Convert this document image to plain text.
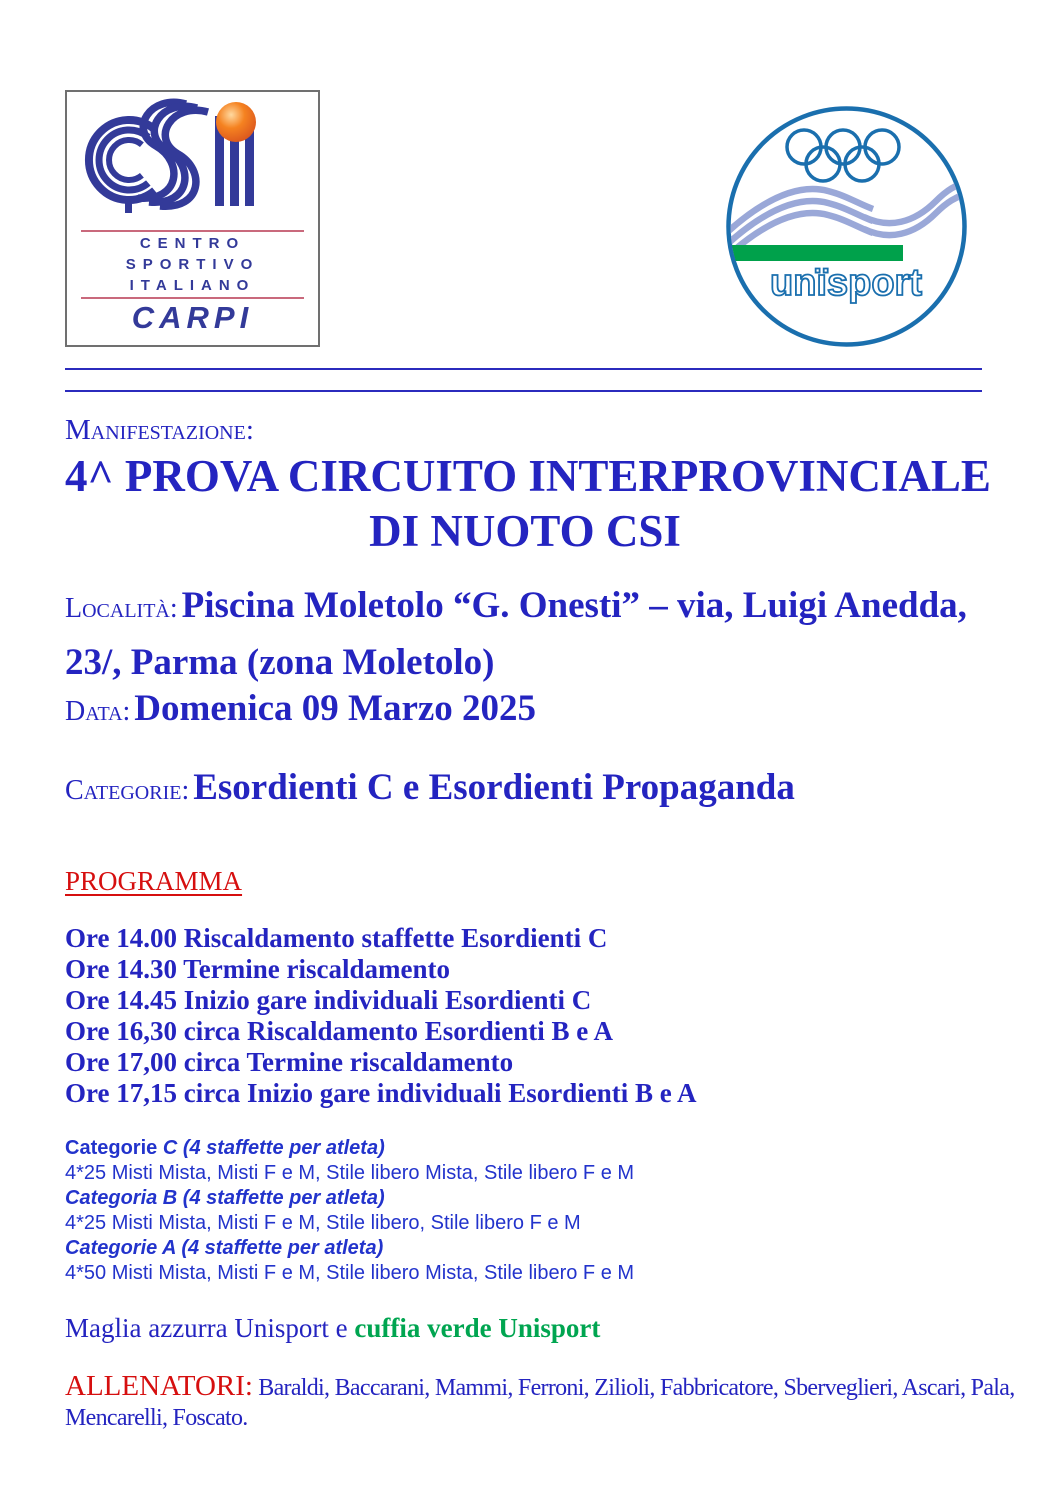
CENTRO
SPORTIVO
ITALIANO
CARPI
unïsport
Manifestazione:
4^ PROVA CIRCUITO INTERPROVINCIALE
DI NUOTO CSI
Località: Piscina Moletolo “G. Onesti” – via, Luigi Anedda, 23/, Parma (zona Moletolo)
Data: Domenica 09 Marzo 2025
Categorie: Esordienti C e Esordienti Propaganda
PROGRAMMA
Ore 14.00 Riscaldamento staffette Esordienti C
Ore 14.30 Termine riscaldamento
Ore 14.45 Inizio gare individuali Esordienti C
Ore 16,30 circa Riscaldamento Esordienti B e A
Ore 17,00 circa Termine riscaldamento
Ore 17,15 circa Inizio gare individuali Esordienti B e A
Categorie C (4 staffette per atleta)
4*25 Misti Mista, Misti F e M, Stile libero Mista, Stile libero F e M
Categoria B (4 staffette per atleta)
4*25 Misti Mista, Misti F e M, Stile libero, Stile libero F e M
Categorie A (4 staffette per atleta)
4*50 Misti Mista, Misti F e M, Stile libero Mista, Stile libero F e M
Maglia azzurra Unisport e cuffia verde Unisport
ALLENATORI: Baraldi, Baccarani, Mammi, Ferroni, Zilioli, Fabbricatore, Sberveglieri, Ascari, Pala, Mencarelli, Foscato.
